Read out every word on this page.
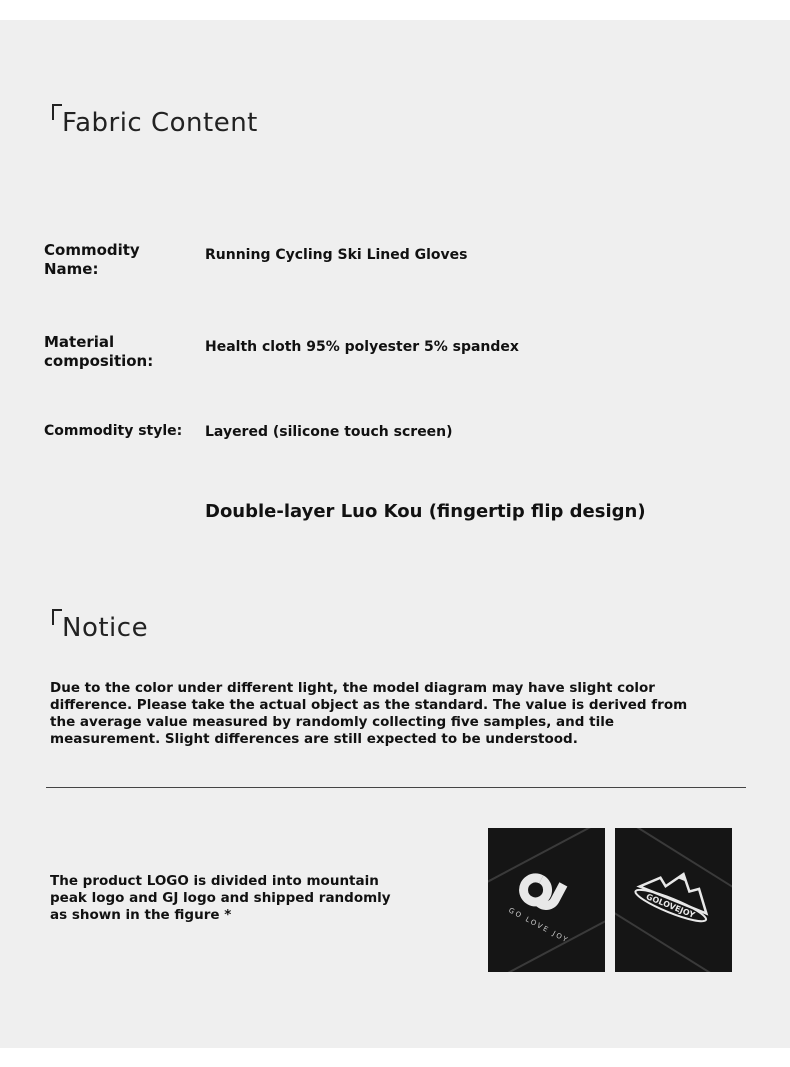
Fabric Content
Commodity Name:
Running Cycling Ski Lined Gloves
Material composition:
Health cloth 95% polyester 5% spandex
Commodity style: Layered (silicone touch screen)
Double-layer Luo Kou (fingertip flip design)
Notice
Due to the color under different light, the model diagram may have slight color difference. Please take the actual object as the standard. The value is derived from the average value measured by randomly collecting five samples, and tile measurement. Slight differences are still expected to be understood.
The product LOGO is divided into mountain peak logo and GJ logo and shipped randomly as shown in the figure *	GO LOVE JOY
GOLOVEJOY
